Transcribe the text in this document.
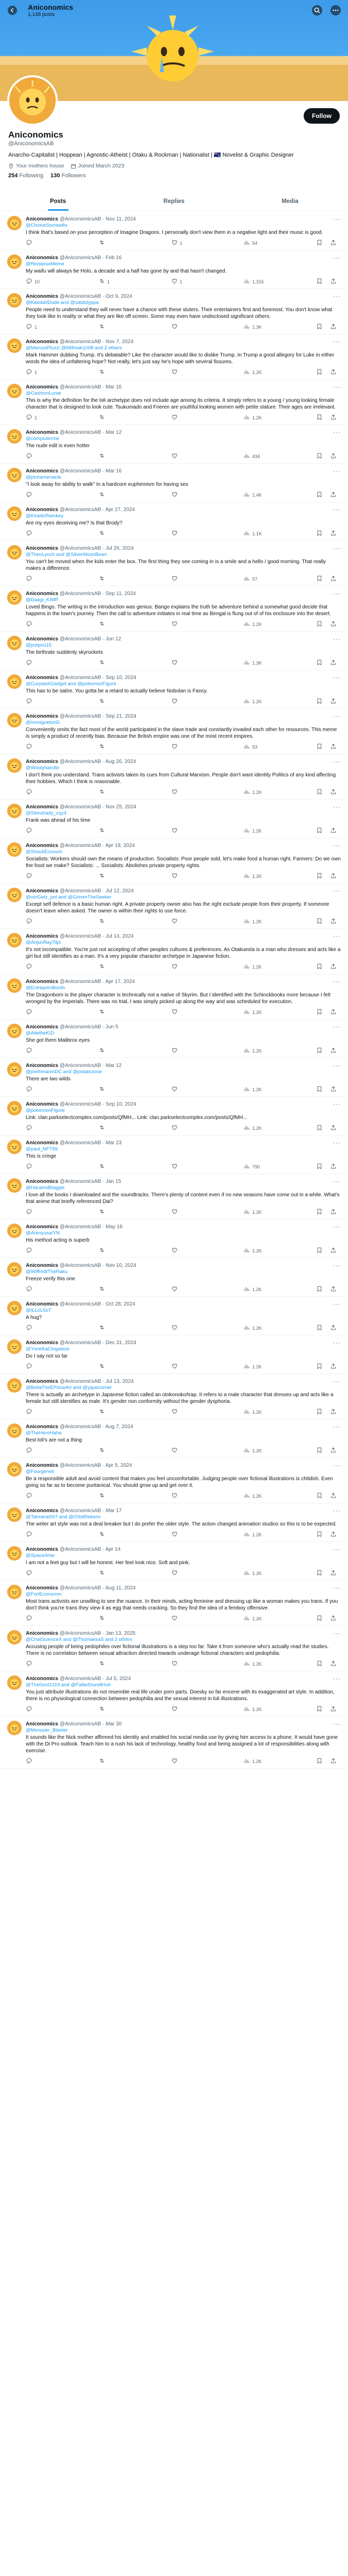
Aniconomics
1,148 posts
Follow
Aniconomics
@AniconomicsAB
Anarcho-Capitalist | Hoppean | Agnostic-Atheist | Otaku & Rockman | Nationalist | 🇹🇦 Novelist & Graphic Designer
Your mothers house	Joined March 2023
254 Following 130 Followers
Posts	Replies	Media
Aniconomics @AniconomicsAB · Nov 11, 2024	···
@ChoiceSocrealfix
I think that's based on your perception of Imagine Dragons. I personally don't view them in a negative light and their music is good.
1	54
Aniconomics @AniconomicsAB · Feb 16	···
@RiosijouxMeme
My waifu will always be Holo, a decade and a half has gone by and that hasn't changed.
10	1	1	1,315
Aniconomics @AniconomicsAB · Oct 9, 2024	···
@Kaeda0Dude and @saldolyppa
People need to understand they will never have a chance with these sluters. Their entertainers first and foremost. You don't know what they look like in reality or what they are like off screen. Some may even have undisclosed significant others.
1	1.3K
Aniconomics @AniconomicsAB · Nov 7, 2024	···
@MarcosPluzzi @Mtfreak1008 and 2 others
Mark Hammer dubbing Trump. It's debatable? Like the character would like to dislike Trump. In Trump a good allegory for Luke in either words the idea of unfaltering hope? Not really, let's just say he's hope with several fissures.
1	1.2K
Aniconomics @AniconomicsAB · Mar 16	···
@CashionLunar
This is why the definition for the loli archetype does not include age among its criteria. It simply refers to a young / young looking female character that is designed to look cute. Tsukumado and Frieren are youthful looking women with petite stature. Their ages are irrelevant.
1	1.2K
Aniconomics @AniconomicsAB · Mar 12	···
@compiuterme
The nude edit is even hotter
434
Aniconomics @AniconomicsAB · Mar 16	···
@pichamenacte
"I look away for ability to walk" In a hardcore euphemism for having sex
1.4K
Aniconomics @AniconomicsAB · Apr 27, 2024	···
@KineticRamkey
Are my eyes deceiving me? Is that Brody?
1.1K
Aniconomics @AniconomicsAB · Jul 26, 2024	···
@TheoLynch and @SilverMoonBearr
You can't be moved when the kids enter the box. The first thing they see coming in is a smile and a hello / good morning. That really makes a difference.
57
Aniconomics @AniconomicsAB · Sep 11, 2024	···
@Daagi_KIMP
Loved Bingo. The writing in the introduction was genius. Bango explains the truth be adventure behind a somewhat good decide that happens in the town's journey. Then the call to adventure initiates in real time as Bengal is flung out of of his enclosure into the desert.
1.2K
Aniconomics @AniconomicsAB · Jun 12	···
@polipo115
The birthrate suddenly skyrockets
1.3K
Aniconomics @AniconomicsAB · Sep 10, 2024	···
@CurplashGadget and @pokemonFigure
This has to be satire. You gotta be a retard to actually believe Nobolan is Fancy.
1.2K
Aniconomics @AniconomicsAB · Sep 21, 2024	···
@ImmigrationD
Conveniently omits the fact most of the world participated in the slave trade and constantly invaded each other for resources. This meme is simply a product of recently bias. Because the British empire was one of the most recent empires.
53
Aniconomics @AniconomicsAB · Aug 26, 2024	···
@Woolyhandle
I don't think you understand. Trans activists taken its cues from Cultural Marxism. People don't want identity Politics of any kind affecting their hobbies. Which I think is reasonable.
1.2K
Aniconomics @AniconomicsAB · Nov 25, 2024	···
@Slimshady_zqz4
Frank was ahead of his time
1.2K
Aniconomics @AniconomicsAB · Apr 18, 2024	···
@ShockEconom
Socialists: Workers should own the means of production. Socialists: Poor people sold, let's make food a human right. Farmers: Do we own the food we make? Socialists: ... Socialists: Abolishes private property rights.
1.2K
Aniconomics @AniconomicsAB · Jul 12, 2024	···
@vsrGetz_pol and @GrimmTheSeeker
Except self defence is a basic human right. A private property owner also has the right exclude people from their property. If someone doesn't leave when asked. The owner is within their rights to use force.
1.2K
Aniconomics @AniconomicsAB · Jul 14, 2024	···
@AnjunRayTilpi
It's not incompatible. You're just not accepting of other peoples cultures & preferences. As Otakuesta is a man who dresses and acts like a girl but still identifies as a man. It's a very popular character archetype in Japanese fiction.
1.2K
Aniconomics @AniconomicsAB · Apr 17, 2024	···
@EntreprenBooth
The Dragonborn is the player character is technically not a native of Skyrim. But I identified with the Schinckbooks more because I felt wronged by the Imperials. There was no trial, I was simply picked up along the way and was scheduled for execution.
1.2K
Aniconomics @AniconomicsAB · Jun 5	···
@AitetheKID
She got them Malibrox eyes
1.2K
Aniconomics @AniconomicsAB · Mar 12	···
@joethmaninDC and @potatozone
There are two wilds
1.2K
Aniconomics @AniconomicsAB · Sep 10, 2024	···
@pokemonFigure
Link: clan.parkselectcomplex.com/posts/QfMH... Link: clan.parkselectcomplex.com/posts/QfMH...
1.2K
Aniconomics @AniconomicsAB · Mar 23	···
@paul_NFT69
This is cringe
790
Aniconomics @AniconomicsAB · Jan 15	···
@HaramsBlogger
I love all the books I downloaded and the soundtracks. There's plenty of content even if no new seasons have come out in a while. What's that anime that briefly referenced Dai?
1.2K
Aniconomics @AniconomicsAB · May 16	···
@ArenyusaIYN
His method acting is superb
1.2K
Aniconomics @AniconomicsAB · Nov 10, 2024	···
@WiffredtTheRaku
Freeze verify this one
1.2K
Aniconomics @AniconomicsAB · Oct 28, 2024	···
@ILLoL5oT
A hug?
1.2K
Aniconomics @AniconomicsAB · Dec 31, 2024	···
@YoneKaCingalese
Do I say not so far
1.2K
Aniconomics @AniconomicsAB · Jul 13, 2024	···
@BellaTheEPsiceArt and @yquecomet
There is actually an archetype in Japanese fiction called an otokonoko/trap. It refers to a male character that dresses up and acts like a female but still identifies as male. It's gender non conformity without the gender dysphoria.
1.2K
Aniconomics @AniconomicsAB · Aug 7, 2024	···
@TheHeroHaha
Best loli's are not a thing
1.2K
Aniconomics @AniconomicsAB · Apr 5, 2024	···
@Fourgerwit
Be a responsible adult and avoid content that makes you feel uncomfortable. Judging people over fictional illustrations is childish. Even going so far as to become puritanical. You should grow up and get over it.
1.2K
Aniconomics @AniconomicsAB · Mar 17	···
@Tatmerai007 and @OrbitRekenv
The writer art style was not a deal breaker but I do prefer the older style. The action changed animation studios so this is to be expected.
1.2K
Aniconomics @AniconomicsAB · Apr 14	···
@SpaceArtw
I am not a feet guy but I will be honest. Her feet look nice. Soft and pink.
1.2K
Aniconomics @AniconomicsAB · Aug 11, 2024	···
@FortEconomm
Most trans activists are unwilling to see the nuance. In their minds, acting feminine and dressing up like a woman makes you trans. If you don't think you're trans they view it as egg that needs cracking. So they find the idea of a femboy offensive.
1.2K
Aniconomics @AniconomicsAB · Jan 13, 2025	···
@ChatScienceX and @ThomaksaS and 2 others
Accusing people of being pedophiles over fictional illustrations is a step too far. Take it from someone who's actually read the studies. There is no correlation between sexual attraction directed towards underage fictional characters and pedophilia.
1.2K
Aniconomics @AniconomicsAB · Jul 5, 2024	···
@The0ord1319 and @FalledSundtHuh
You just attribute illustrations do not resemble real life under porn parts. Doesky so far encene with its exaggerated art style. In addition, there is no physiological connection between pedophilia and the sexual interest in loli illustrations.
1.2K
Aniconomics @AniconomicsAB · Mar 30	···
@Monsoer_Blaster
It sounds like the Nick mother affirmed his identity and enabled his social media use by giving him access to a phone. It would have gone with the Di Pro outlook. Teach him to a rush his lack of technology, healthy food and being assigned a lot of responsibilities along with exercise.
1.2K
